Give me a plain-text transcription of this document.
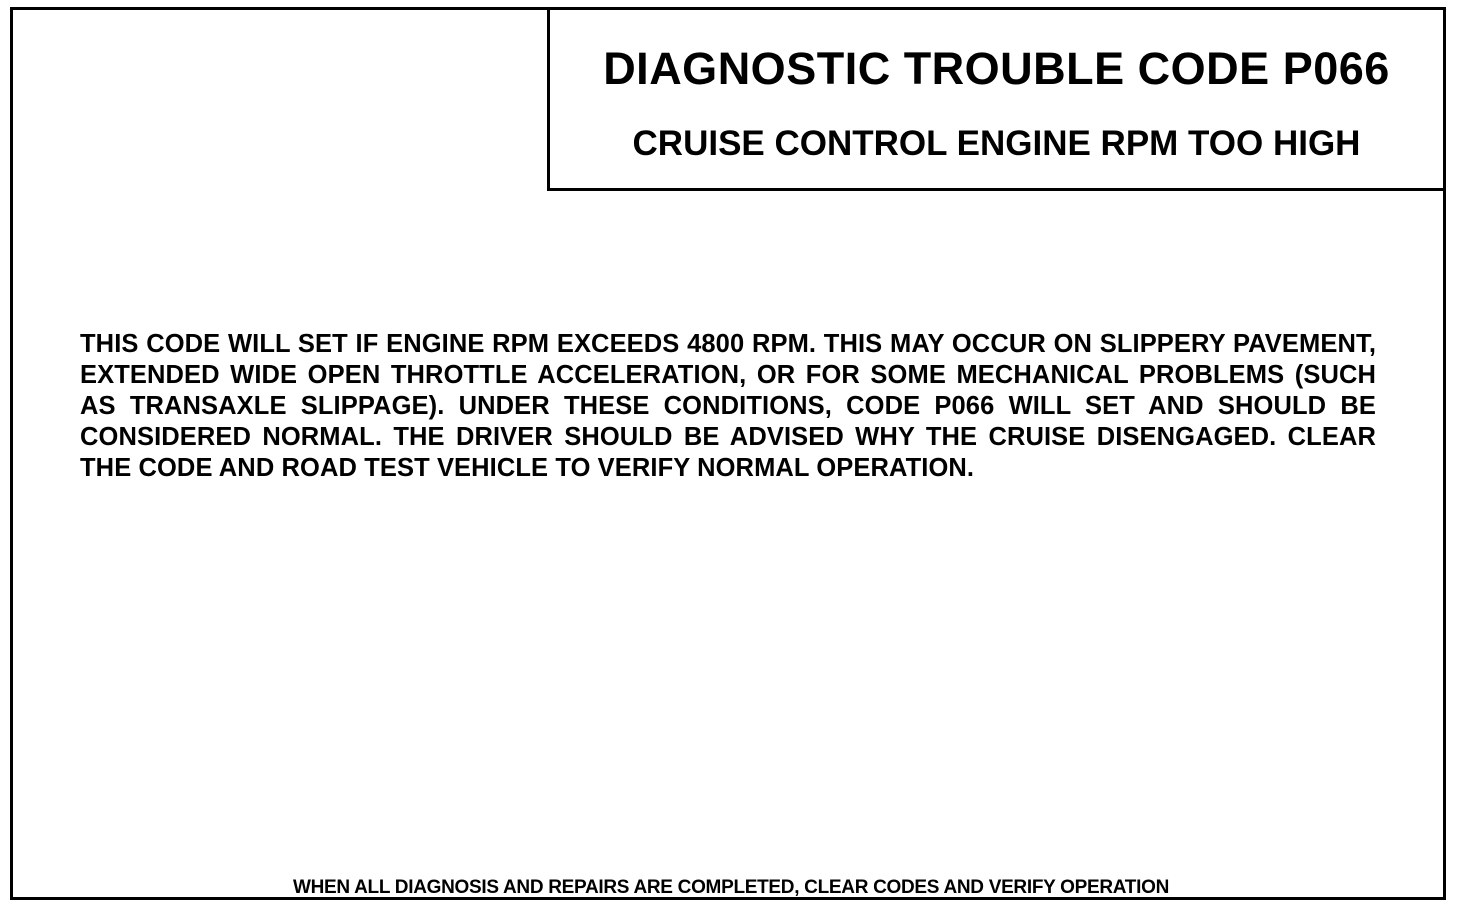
WHEN ALL DIAGNOSIS AND REPAIRS ARE COMPLETED, CLEAR CODES AND VERIFY OPERATION
DIAGNOSTIC TROUBLE CODE P066
CRUISE CONTROL ENGINE RPM TOO HIGH
THIS CODE WILL SET IF ENGINE RPM EXCEEDS 4800 RPM. THIS MAY OCCUR ON SLIPPERY PAVEMENT, EXTENDED WIDE OPEN THROTTLE ACCELERATION, OR FOR SOME MECHANICAL PROBLEMS (SUCH AS TRANSAXLE SLIPPAGE). UNDER THESE CONDITIONS, CODE P066 WILL SET AND SHOULD BE CONSIDERED NORMAL. THE DRIVER SHOULD BE ADVISED WHY THE CRUISE DISENGAGED. CLEAR THE CODE AND ROAD TEST VEHICLE TO VERIFY NORMAL OPERATION.
